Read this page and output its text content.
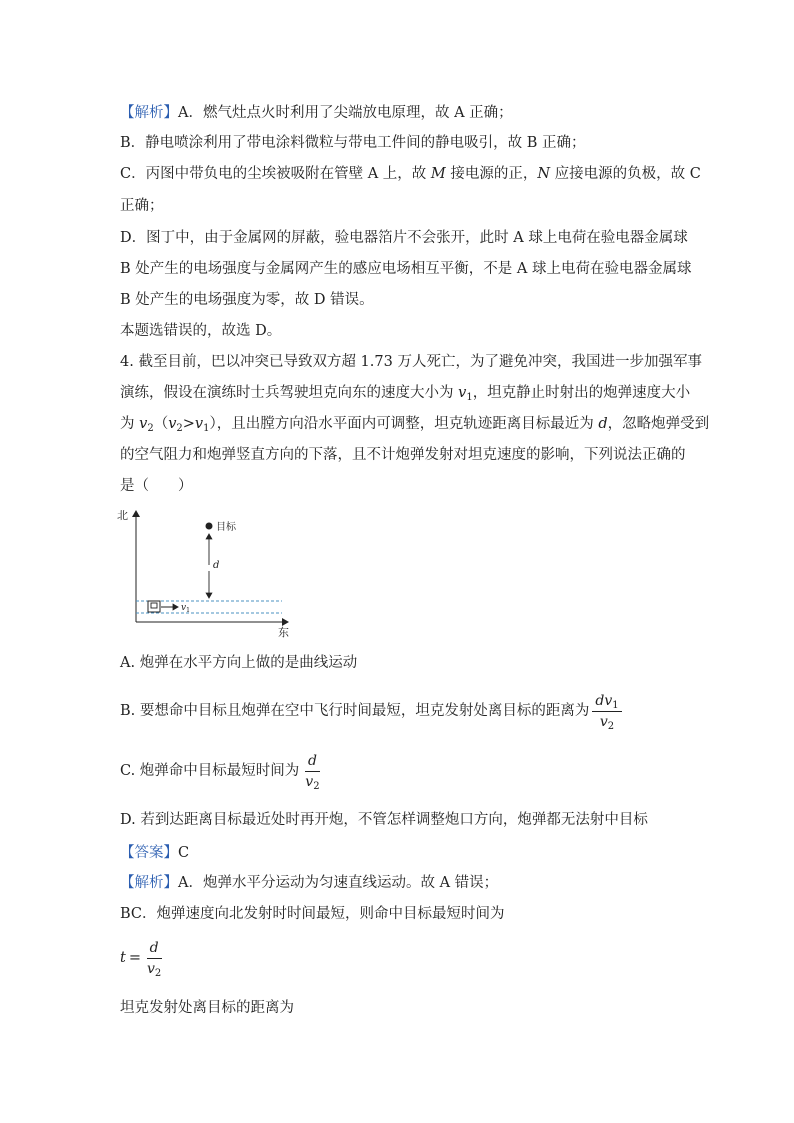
【解析】A．燃气灶点火时利用了尖端放电原理，故 A 正确；
B．静电喷涂利用了带电涂料微粒与带电工件间的静电吸引，故 B 正确；
C．丙图中带负电的尘埃被吸附在管壁 A 上，故 M 接电源的正，N 应接电源的负极，故 C
正确；
D．图丁中，由于金属网的屏蔽，验电器箔片不会张开，此时 A 球上电荷在验电器金属球
B 处产生的电场强度与金属网产生的感应电场相互平衡，不是 A 球上电荷在验电器金属球
B 处产生的电场强度为零，故 D 错误。
本题选错误的，故选 D。
4. 截至目前，巴以冲突已导致双方超 1.73 万人死亡，为了避免冲突，我国进一步加强军事
演练，假设在演练时士兵驾驶坦克向东的速度大小为 $v_1$，坦克静止时射出的炮弹速度大小
为 $v_2(v_2>v_1)$，且出膛方向沿水平面内可调整，坦克轨迹距离目标最近为 d，忽略炮弹受到
的空气阻力和炮弹竖直方向的下落，且不计炮弹发射对坦克速度的影响，下列说法正确的
是（　　）
北
东
目标
d
$v_1$
A. 炮弹在水平方向上做的是曲线运动
B. 要想命中目标且炮弹在空中飞行时间最短，坦克发射处离目标的距离为 $\frac{dv_1}{v_2}$
C. 炮弹命中目标最短时间为 $\frac{d}{v_2}$
D. 若到达距离目标最近处时再开炮，不管怎样调整炮口方向，炮弹都无法射中目标
【答案】C
【解析】A．炮弹水平分运动为匀速直线运动。故 A 错误；
BC．炮弹速度向北发射时时间最短，则命中目标最短时间为
$t = \frac{d}{v_2}$
坦克发射处离目标的距离为
